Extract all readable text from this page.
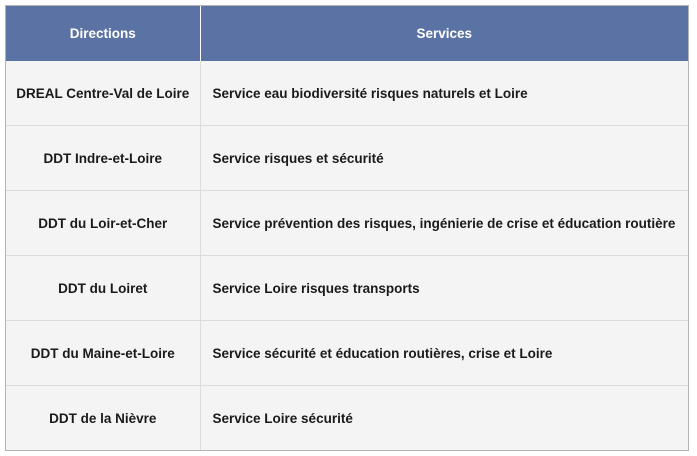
Directions	Services
DREAL Centre-Val de Loire	Service eau biodiversité risques naturels et Loire
DDT Indre-et-Loire	Service risques et sécurité
DDT du Loir-et-Cher	Service prévention des risques, ingénierie de crise et éducation routière
DDT du Loiret	Service Loire risques transports
DDT du Maine-et-Loire	Service sécurité et éducation routières, crise et Loire
DDT de la Nièvre	Service Loire sécurité
